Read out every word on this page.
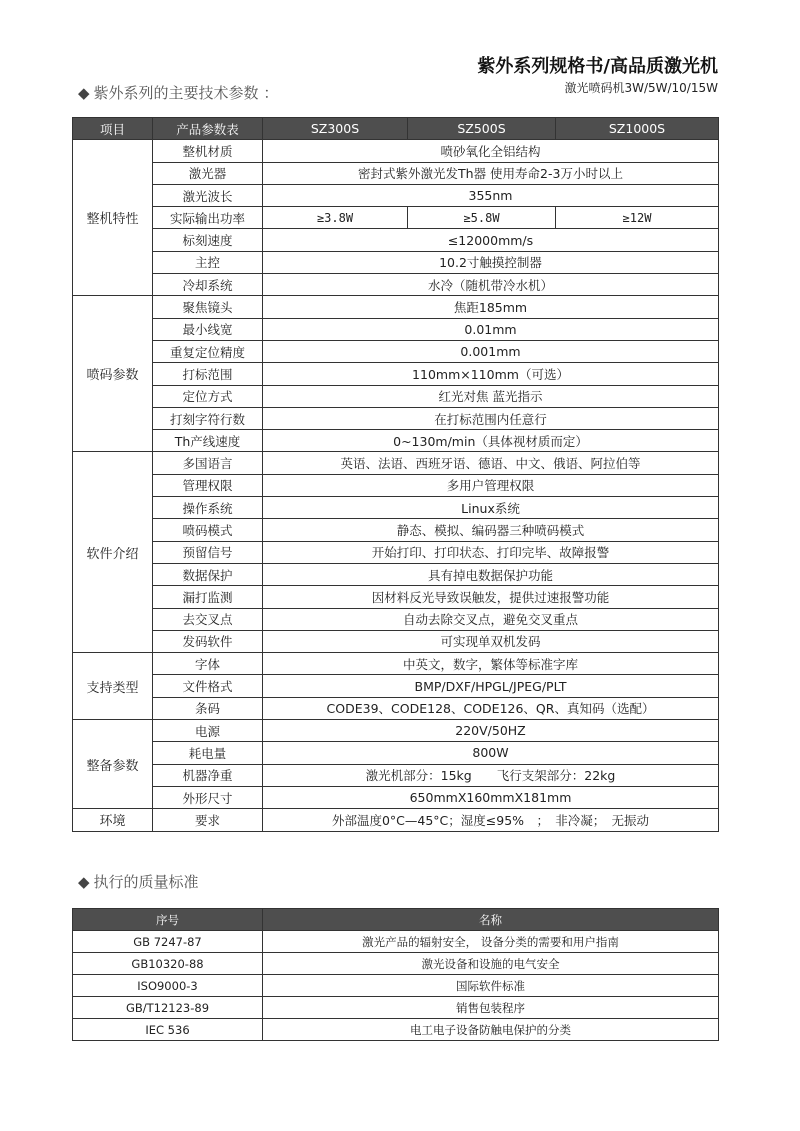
紫外系列规格书/高品质激光机
激光喷码机3W/5W/10/15W
◆ 紫外系列的主要技术参数 ：
项目	产品参数表	SZ300S	SZ500S	SZ1000S
整机特性	整机材质	喷砂氧化全铝结构		
	激光器	密封式紫外激光发Th器 使用寿命2-3万小时以上		
	激光波长	355nm		
	实际输出功率	≥3.8W	≥5.8W	≥12W
	标刻速度	≤12000mm/s		
	主控	10.2寸触摸控制器		
	冷却系统	水冷（随机带冷水机）		
喷码参数	聚焦镜头	焦距185mm		
	最小线宽	0.01mm		
	重复定位精度	0.001mm		
	打标范围	110mm×110mm（可选）		
	定位方式	红光对焦 蓝光指示		
	打刻字符行数	在打标范围内任意行		
	Th产线速度	0~130m/min（具体视材质而定）		
软件介绍	多国语言	英语、法语、西班牙语、德语、中文、俄语、阿拉伯等		
	管理权限	多用户管理权限		
	操作系统	Linux系统		
	喷码模式	静态、模拟、编码器三种喷码模式		
	预留信号	开始打印、打印状态、打印完毕、故障报警		
	数据保护	具有掉电数据保护功能		
	漏打监测	因材料反光导致误触发，提供过速报警功能		
	去交叉点	自动去除交叉点，避免交叉重点		
	发码软件	可实现单双机发码		
支持类型	字体	中英文，数字，繁体等标准字库		
	文件格式	BMP/DXF/HPGL/JPEG/PLT		
	条码	CODE39、CODE128、CODE126、QR、真知码（选配）		
整备参数	电源	220V/50HZ		
	耗电量	800W		
	机器净重	激光机部分：15kg　　飞行支架部分：22kg		
	外形尺寸	650mmX160mmX181mm		
环境	要求	外部温度0°C—45°C；湿度≤95%　；　非冷凝；　无振动		
◆ 执行的质量标准
序号	名称
GB 7247-87	激光产品的辐射安全， 设备分类的需要和用户指南
GB10320-88	激光设备和设施的电气安全
ISO9000-3	国际软件标准
GB/T12123-89	销售包装程序
IEC 536	电工电子设备防触电保护的分类
